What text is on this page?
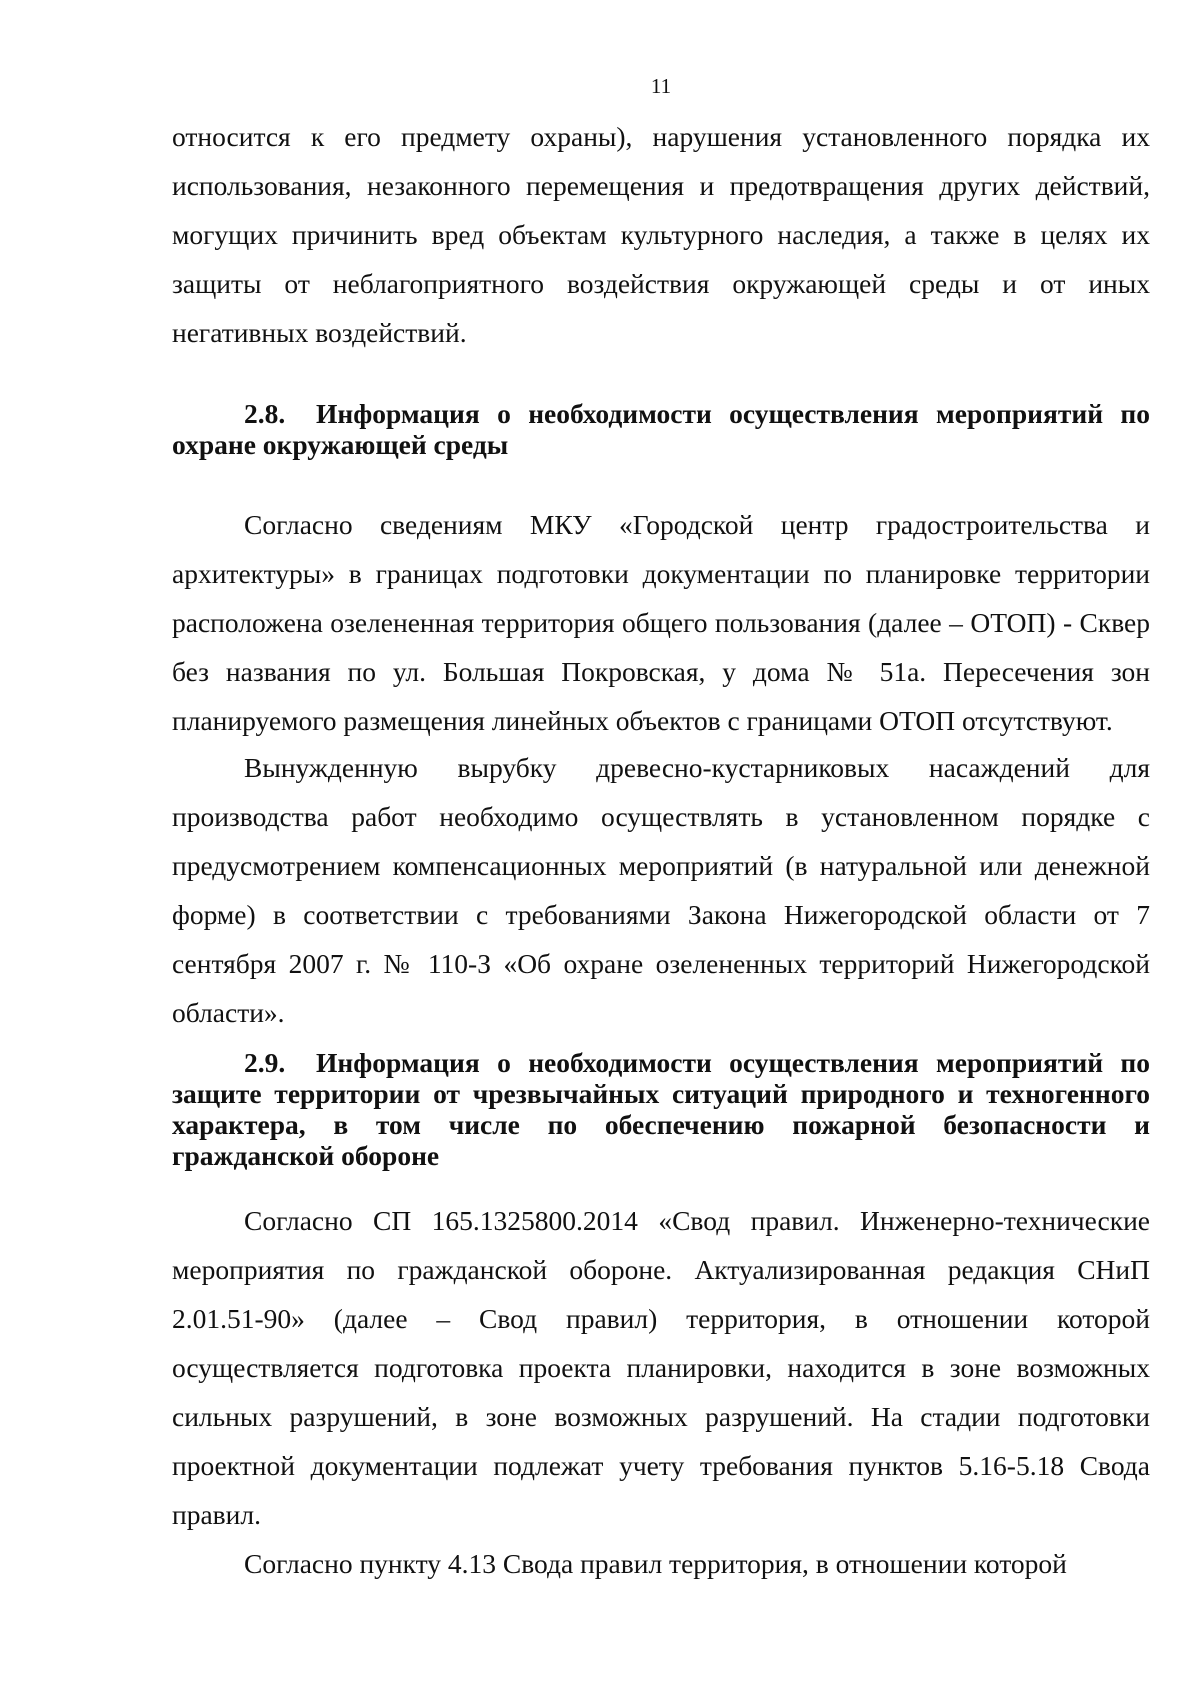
11

относится к его предмету охраны), нарушения установленного порядка их использования, незаконного перемещения и предотвращения других действий, могущих причинить вред объектам культурного наследия, а также в целях их защиты от неблагоприятного воздействия окружающей среды и от иных негативных воздействий.

2.8. Информация о необходимости осуществления мероприятий по охране окружающей среды

Согласно сведениям МКУ «Городской центр градостроительства и архитектуры» в границах подготовки документации по планировке территории расположена озелененная территория общего пользования (далее – ОТОП) - Сквер без названия по ул. Большая Покровская, у дома № 51а. Пересечения зон планируемого размещения линейных объектов с границами ОТОП отсутствуют.

Вынужденную вырубку древесно-кустарниковых насаждений для производства работ необходимо осуществлять в установленном порядке с предусмотрением компенсационных мероприятий (в натуральной или денежной форме) в соответствии с требованиями Закона Нижегородской области от 7 сентября 2007 г. № 110-З «Об охране озелененных территорий Нижегородской области».

2.9. Информация о необходимости осуществления мероприятий по защите территории от чрезвычайных ситуаций природного и техногенного характера, в том числе по обеспечению пожарной безопасности и гражданской обороне

Согласно СП 165.1325800.2014 «Свод правил. Инженерно-технические мероприятия по гражданской обороне. Актуализированная редакция СНиП 2.01.51-90» (далее – Свод правил) территория, в отношении которой осуществляется подготовка проекта планировки, находится в зоне возможных сильных разрушений, в зоне возможных разрушений. На стадии подготовки проектной документации подлежат учету требования пунктов 5.16-5.18 Свода правил.

Согласно пункту 4.13 Свода правил территория, в отношении которой
